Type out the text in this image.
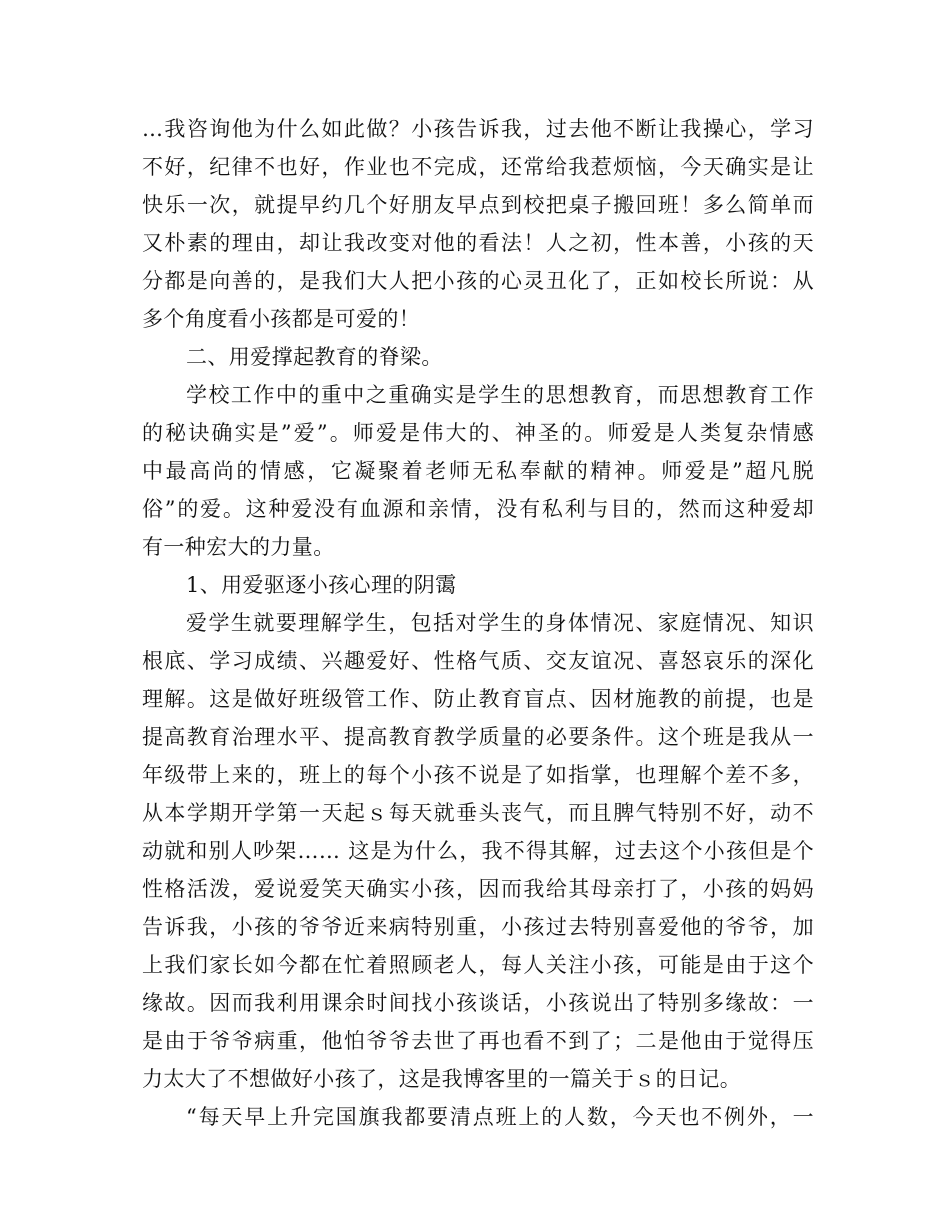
…我咨询他为什么如此做？小孩告诉我，过去他不断让我操心，学习
不好，纪律不也好，作业也不完成，还常给我惹烦恼，今天确实是让
快乐一次，就提早约几个好朋友早点到校把桌子搬回班！多么简单而
又朴素的理由，却让我改变对他的看法！人之初，性本善，小孩的天
分都是向善的，是我们大人把小孩的心灵丑化了，正如校长所说：从
多个角度看小孩都是可爱的！
二、用爱撑起教育的脊梁。
学校工作中的重中之重确实是学生的思想教育，而思想教育工作
的秘诀确实是”爱”。师爱是伟大的、神圣的。师爱是人类复杂情感
中最高尚的情感，它凝聚着老师无私奉献的精神。师爱是”超凡脱
俗”的爱。这种爱没有血源和亲情，没有私利与目的，然而这种爱却
有一种宏大的力量。
1、用爱驱逐小孩心理的阴霭
爱学生就要理解学生，包括对学生的身体情况、家庭情况、知识
根底、学习成绩、兴趣爱好、性格气质、交友谊况、喜怒哀乐的深化
理解。这是做好班级管工作、防止教育盲点、因材施教的前提，也是
提高教育治理水平、提高教育教学质量的必要条件。这个班是我从一
年级带上来的，班上的每个小孩不说是了如指掌，也理解个差不多，
从本学期开学第一天起ｓ每天就垂头丧气，而且脾气特别不好，动不
动就和别人吵架…… 这是为什么，我不得其解，过去这个小孩但是个
性格活泼，爱说爱笑天确实小孩，因而我给其母亲打了，小孩的妈妈
告诉我，小孩的爷爷近来病特别重，小孩过去特别喜爱他的爷爷，加
上我们家长如今都在忙着照顾老人，每人关注小孩，可能是由于这个
缘故。因而我利用课余时间找小孩谈话，小孩说出了特别多缘故：一
是由于爷爷病重，他怕爷爷去世了再也看不到了；二是他由于觉得压
力太大了不想做好小孩了，这是我博客里的一篇关于ｓ的日记。
“每天早上升完国旗我都要清点班上的人数，今天也不例外，一
